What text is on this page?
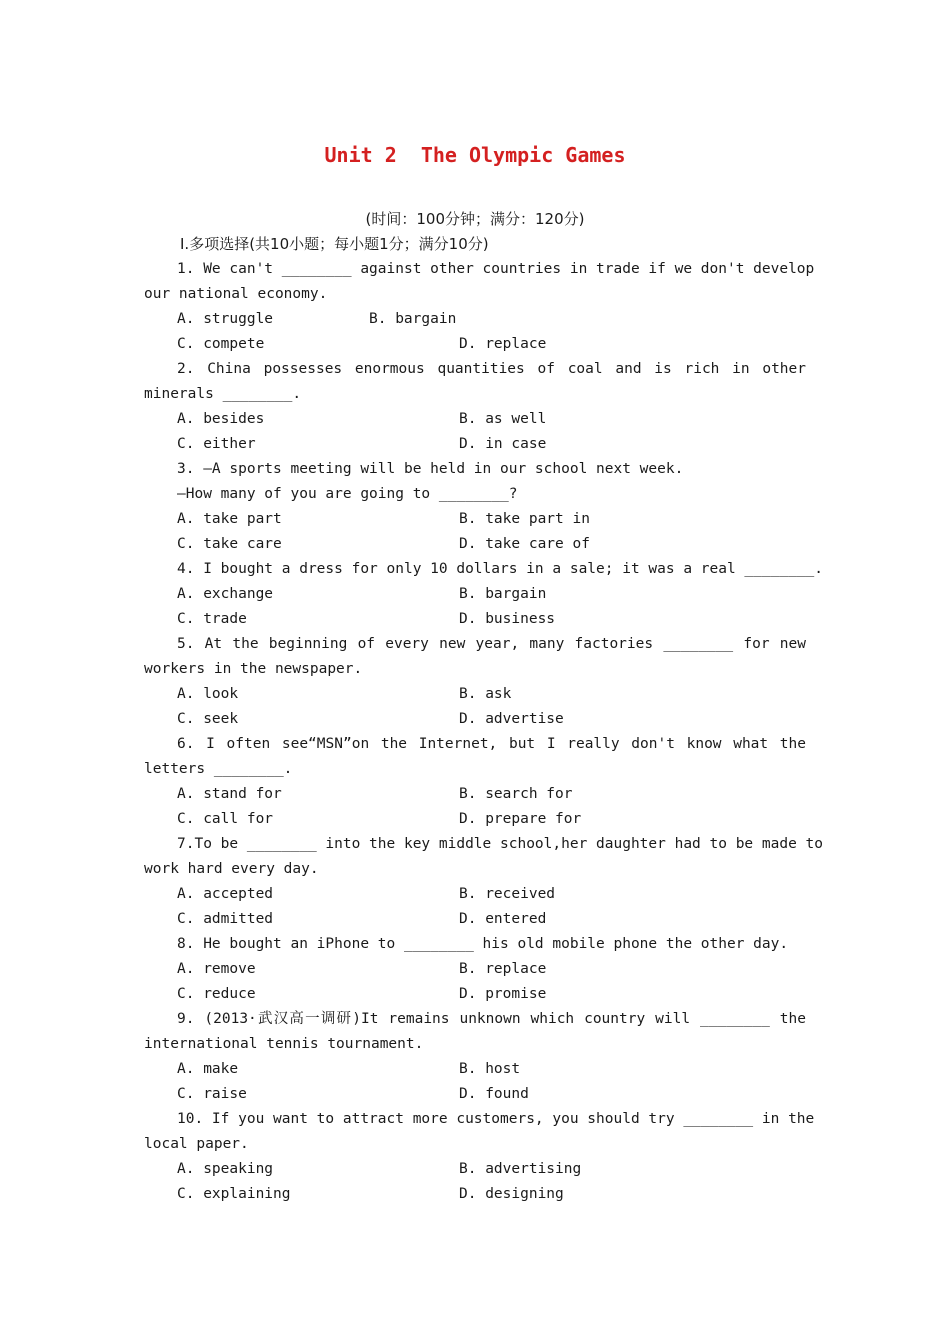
Unit 2  The Olympic Games
(时间：100分钟；满分：120分)
Ⅰ.多项选择(共10小题；每小题1分；满分10分)
1. We can't ________ against other countries in trade if we don't develop
our national economy.
A. struggle	B. bargain
C. compete	D. replace
2. China possesses enormous quantities of coal and is rich in other
minerals ________.
A. besides	B. as well
C. either	D. in case
3. —A sports meeting will be held in our school next week.
—How many of you are going to ________?
A. take part	B. take part in
C. take care	D. take care of
4. I bought a dress for only 10 dollars in a sale; it was a real ________.
A. exchange	B. bargain
C. trade	D. business
5. At the beginning of every new year, many factories ________ for new
workers in the newspaper.
A. look	B. ask
C. seek	D. advertise
6. I often see“MSN”on the Internet, but I really don't know what the
letters ________.
A. stand for	B. search for
C. call for	D. prepare for
7.To be ________ into the key middle school,her daughter had to be made to
work hard every day.
A. accepted	B. received
C. admitted	D. entered
8. He bought an iPhone to ________ his old mobile phone the other day.
A. remove	B. replace
C. reduce	D. promise
9. (2013·武汉高一调研)It remains unknown which country will ________ the
international tennis tournament.
A. make	B. host
C. raise	D. found
10. If you want to attract more customers, you should try ________ in the
local paper.
A. speaking	B. advertising
C. explaining	D. designing
